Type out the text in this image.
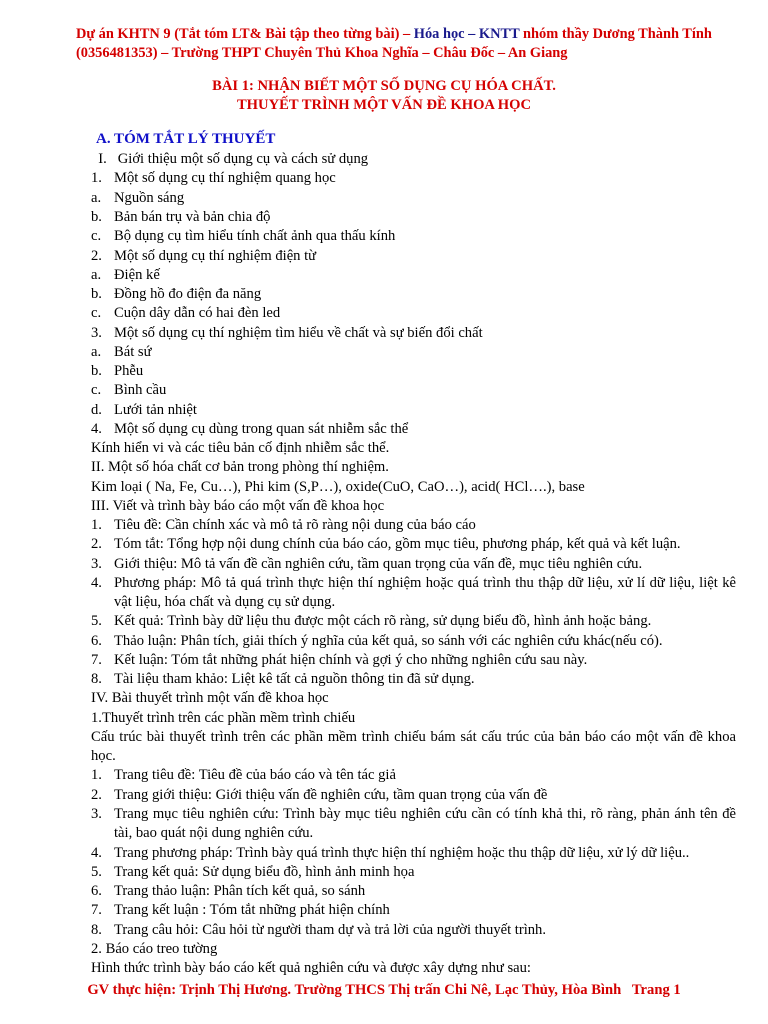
Dự án KHTN 9 (Tắt tóm LT& Bài tập theo từng bài) – Hóa học – KNTT nhóm thầy Dương Thành Tính (0356481353) – Trường THPT Chuyên Thủ Khoa Nghĩa – Châu Đốc – An Giang
BÀI 1: NHẬN BIẾT MỘT SỐ DỤNG CỤ HÓA CHẤT.
THUYẾT TRÌNH MỘT VẤN ĐỀ KHOA HỌC
A. TÓM TẮT LÝ THUYẾT
I.   Giới thiệu một số dụng cụ và cách sử dụng
1. Một số dụng cụ thí nghiệm quang học
a. Nguồn sáng
b. Bản bán trụ và bản chia độ
c. Bộ dụng cụ tìm hiểu tính chất ảnh qua thấu kính
2. Một số dụng cụ thí nghiệm điện từ
a. Điện kế
b. Đồng hồ đo điện đa năng
c. Cuộn dây dẫn có hai đèn led
3. Một số dụng cụ thí nghiệm tìm hiểu về chất và sự biến đổi chất
a. Bát sứ
b. Phễu
c. Bình cầu
d. Lưới tản nhiệt
4. Một số dụng cụ dùng trong quan sát nhiễm sắc thể
Kính hiển vi và các tiêu bản cố định nhiễm sắc thể.
II. Một số hóa chất cơ bản trong phòng thí nghiệm.
Kim loại ( Na, Fe, Cu…), Phi kim (S,P…), oxide(CuO, CaO…), acid( HCl….), base
III. Viết và trình bày báo cáo một vấn đề khoa học
1. Tiêu đề: Cần chính xác và mô tả rõ ràng nội dung của báo cáo
2. Tóm tắt: Tổng hợp nội dung chính của báo cáo, gồm mục tiêu, phương pháp, kết quả và kết luận.
3. Giới thiệu: Mô tả vấn đề cần nghiên cứu, tầm quan trọng của vấn đề, mục tiêu nghiên cứu.
4. Phương pháp: Mô tả quá trình thực hiện thí nghiệm hoặc quá trình thu thập dữ liệu, xử lí dữ liệu, liệt kê vật liệu, hóa chất và dụng cụ sử dụng.
5. Kết quả: Trình bày dữ liệu thu được một cách rõ ràng, sử dụng biểu đồ, hình ảnh hoặc bảng.
6. Thảo luận: Phân tích, giải thích ý nghĩa của kết quả, so sánh với các nghiên cứu khác(nếu có).
7. Kết luận: Tóm tắt những phát hiện chính và gợi ý cho những nghiên cứu sau này.
8. Tài liệu tham khảo: Liệt kê tất cả nguồn thông tin đã sử dụng.
IV. Bài thuyết trình một vấn đề khoa học
1.Thuyết trình trên các phần mềm trình chiếu
Cấu trúc bài thuyết trình trên các phần mềm trình chiếu bám sát cấu trúc của bản báo cáo một vấn đề khoa học.
1. Trang tiêu đề: Tiêu đề của báo cáo và tên tác giả
2. Trang giới thiệu: Giới thiệu vấn đề nghiên cứu, tầm quan trọng của vấn đề
3. Trang mục tiêu nghiên cứu: Trình bày mục tiêu nghiên cứu cần có tính khả thi, rõ ràng, phản ánh tên đề tài, bao quát nội dung nghiên cứu.
4. Trang phương pháp: Trình bày quá trình thực hiện thí nghiệm hoặc thu thập dữ liệu, xử lý dữ liệu..
5. Trang kết quả: Sử dụng biểu đồ, hình ảnh minh họa
6. Trang thảo luận: Phân tích kết quả, so sánh
7. Trang kết luận : Tóm tắt những phát hiện chính
8. Trang câu hỏi: Câu hỏi từ người tham dự và trả lời của người thuyết trình.
2. Báo cáo treo tường
Hình thức trình bày báo cáo kết quả nghiên cứu và được xây dựng như sau:
GV thực hiện: Trịnh Thị Hương. Trường THCS Thị trấn Chi Nê, Lạc Thủy, Hòa Bình   Trang 1
